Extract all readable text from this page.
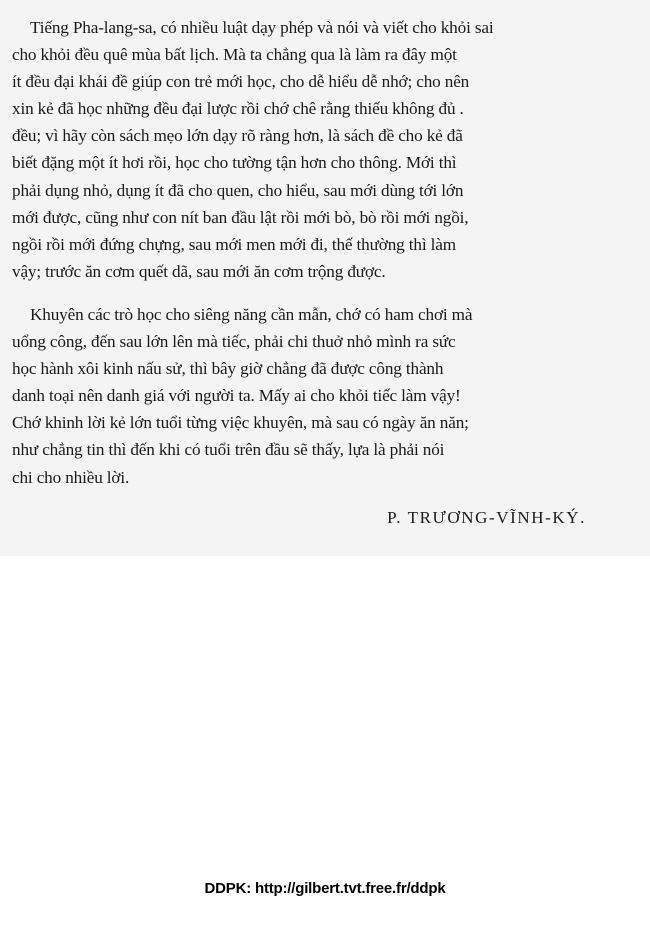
Tiếng Pha-lang-sa, có nhiều luật dạy phép và nói và viết cho khỏi sai
cho khỏi đều quê mùa bất lịch. Mà ta chẳng qua là làm ra đây một
ít đều đại khái đề giúp con trẻ mới học, cho dễ hiểu dễ nhớ; cho nên
xin kẻ đã học những đều đại lược rồi chớ chê rằng thiếu không đủ .
đều; vì hãy còn sách mẹo lớn dạy rõ ràng hơn, là sách đề cho kẻ đã
biết đặng một ít hơi rồi, học cho tường tận hơn cho thông. Mới thì
phải dụng nhỏ, dụng ít đã cho quen, cho hiểu, sau mới dùng tới lớn
mới được, cũng như con nít ban đầu lật rồi mới bò, bò rồi mới ngồi,
ngồi rồi mới đứng chựng, sau mới men mới đi, thế thường thì làm
vậy; trước ăn cơm quết dã, sau mới ăn cơm trộng được.

Khuyên các trò học cho siêng năng cần mẫn, chớ có ham chơi mà
uổng công, đến sau lớn lên mà tiếc, phải chi thuở nhỏ mình ra sức
học hành xôi kinh nấu sử, thì bây giờ chẳng đã được công thành
danh toại nên danh giá với người ta. Mấy ai cho khỏi tiếc làm vậy!
Chớ khinh lời kẻ lớn tuổi từng việc khuyên, mà sau có ngày ăn năn;
như chẳng tin thì đến khi có tuổi trên đầu sẽ thấy, lựa là phải nói
chi cho nhiều lời.

P. TRƯƠNG-VĨNH-KÝ.
DDPK: http://gilbert.tvt.free.fr/ddpk
